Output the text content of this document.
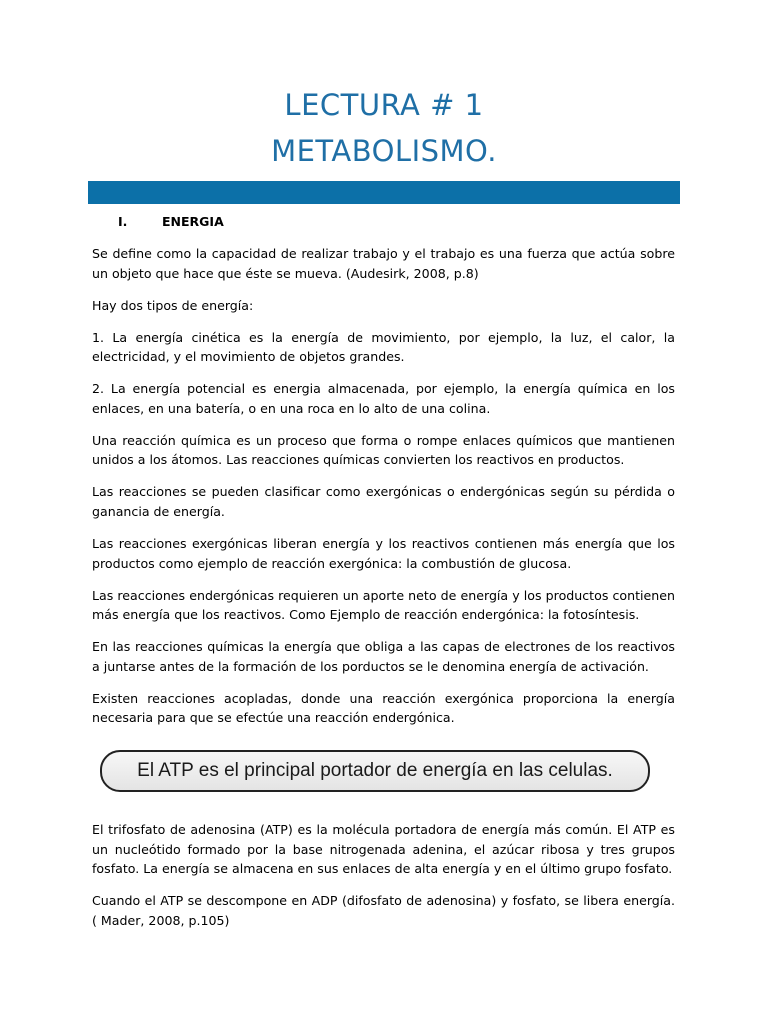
LECTURA # 1
METABOLISMO.
I.	ENERGIA

Se define como la capacidad de realizar trabajo y el trabajo es una fuerza que actúa sobre un objeto que hace que éste se mueva. (Audesirk, 2008, p.8)

Hay dos tipos de energía:

1. La energía cinética es la energía de movimiento, por ejemplo, la luz, el calor, la electricidad, y el movimiento de objetos grandes.

2. La energía potencial es energia almacenada, por ejemplo, la energía química en los enlaces, en una batería, o en una roca en lo alto de una colina.

Una reacción química es un proceso que forma o rompe enlaces químicos que mantienen unidos a los átomos. Las reacciones químicas convierten los reactivos en productos.

Las reacciones se pueden clasificar como exergónicas o endergónicas según su pérdida o ganancia de energía.

Las reacciones exergónicas liberan energía y los reactivos contienen más energía que los productos como ejemplo de reacción exergónica: la combustión de glucosa.

Las reacciones endergónicas requieren un aporte neto de energía y los productos contienen más energía que los reactivos. Como Ejemplo de reacción endergónica: la fotosíntesis.

En las reacciones químicas la energía que obliga a las capas de electrones de los reactivos a juntarse antes de la formación de los porductos se le denomina energía de activación.

Existen reacciones acopladas, donde una reacción exergónica proporciona la energía necesaria para que se efectúe una reacción endergónica.

El ATP es el principal portador de energía en las celulas.

El trifosfato de adenosina (ATP) es la molécula portadora de energía más común. El ATP es un nucleótido formado por la base nitrogenada adenina, el azúcar ribosa y tres grupos fosfato. La energía se almacena en sus enlaces de alta energía y en el último grupo fosfato.

Cuando el ATP se descompone en ADP (difosfato de adenosina) y fosfato, se libera energía. ( Mader, 2008, p.105)
